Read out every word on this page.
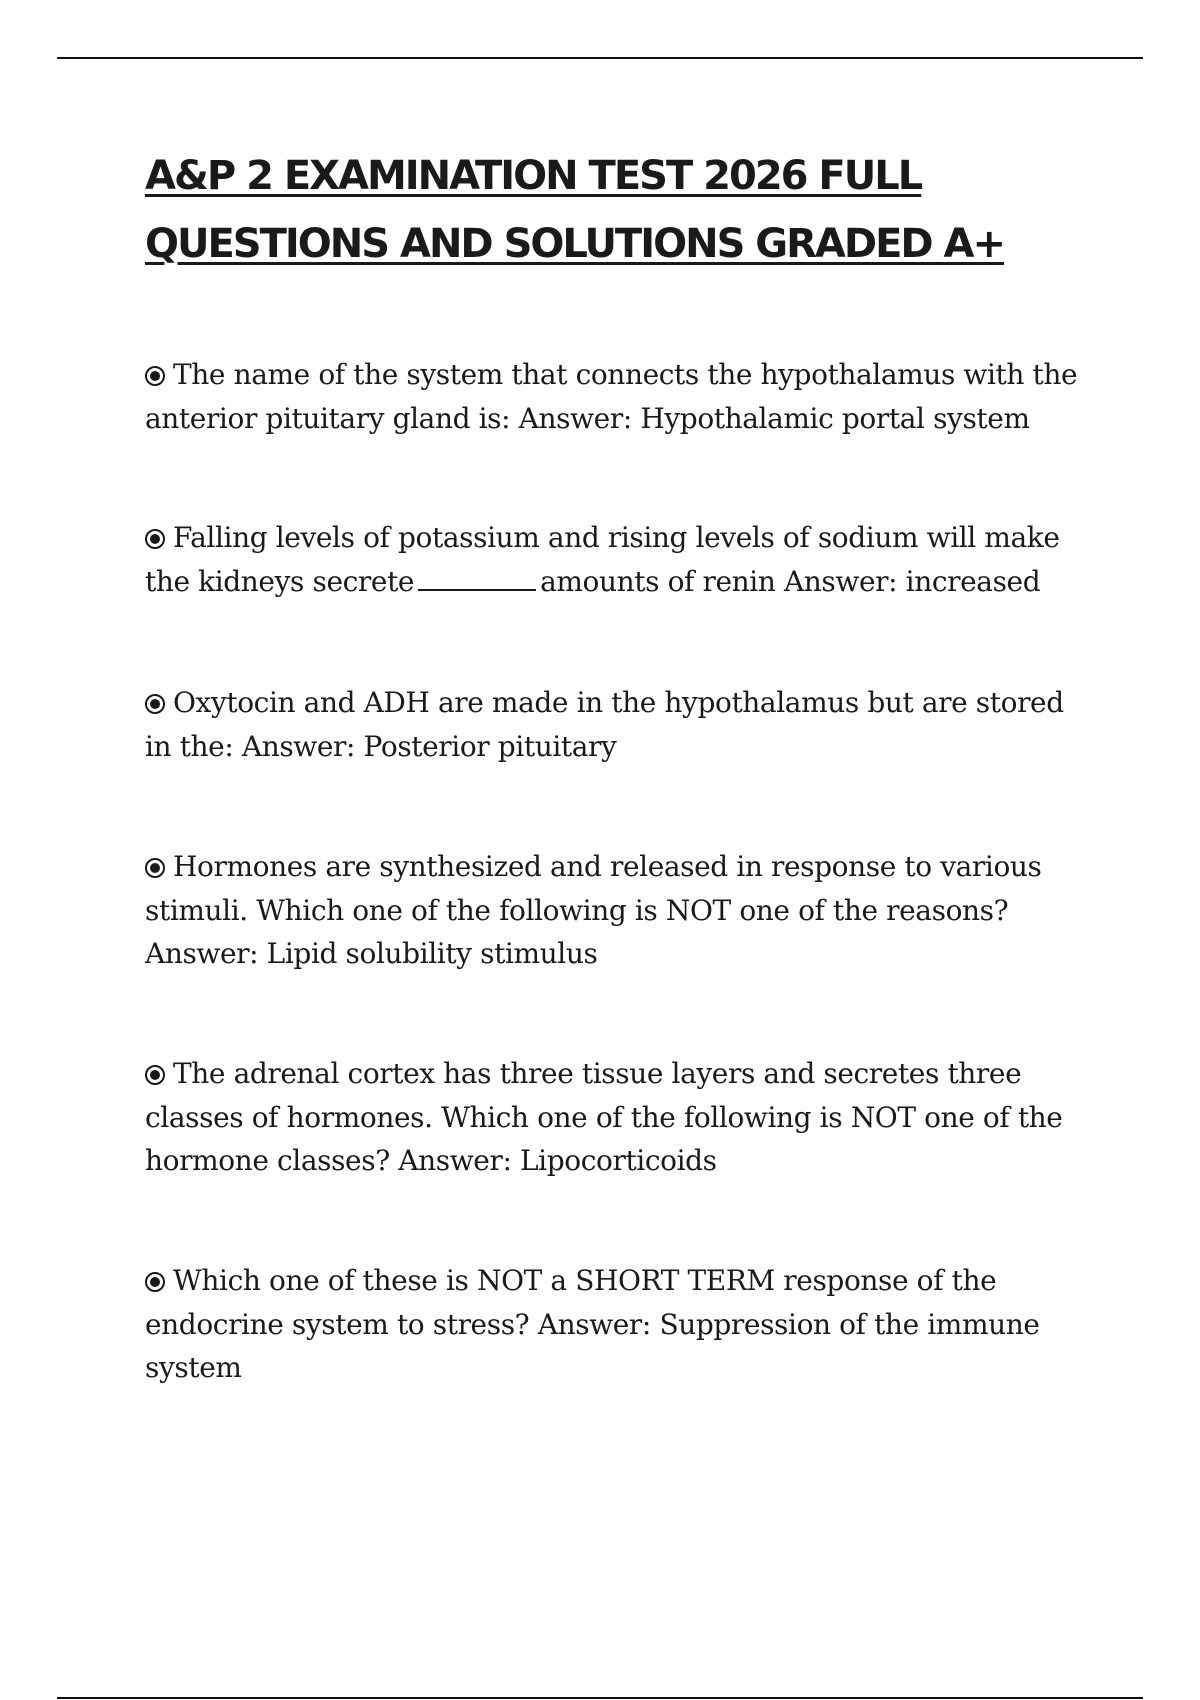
A&P 2 EXAMINATION TEST 2026 FULL
QUESTIONS AND SOLUTIONS GRADED A+
The name of the system that connects the hypothalamus with the anterior pituitary gland is: Answer: Hypothalamic portal system
Falling levels of potassium and rising levels of sodium will make the kidneys secrete	amounts of renin Answer: increased
Oxytocin and ADH are made in the hypothalamus but are stored in the: Answer: Posterior pituitary
Hormones are synthesized and released in response to various stimuli. Which one of the following is NOT one of the reasons? Answer: Lipid solubility stimulus
The adrenal cortex has three tissue layers and secretes three classes of hormones. Which one of the following is NOT one of the hormone classes? Answer: Lipocorticoids
Which one of these is NOT a SHORT TERM response of the endocrine system to stress? Answer: Suppression of the immune system
